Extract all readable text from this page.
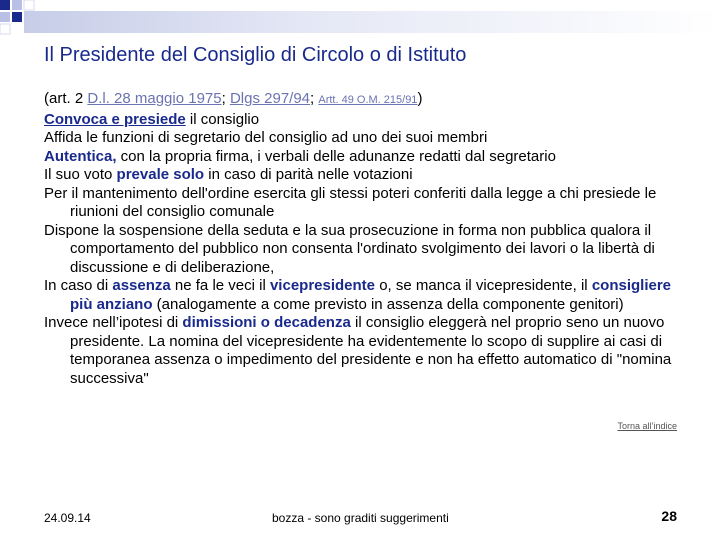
Il Presidente del Consiglio di Circolo o di Istituto

(art. 2 D.l. 28 maggio 1975; Dlgs 297/94; Artt. 49 O.M. 215/91)

Convoca e presiede il consiglio

Affida le funzioni di segretario del consiglio ad uno dei suoi membri

Autentica, con la propria firma, i verbali delle adunanze redatti dal segretario

Il suo voto prevale solo in caso di parità nelle votazioni

Per il mantenimento dell'ordine esercita gli stessi poteri conferiti dalla legge a chi presiede le riunioni del consiglio comunale

Dispone la sospensione della seduta e la sua prosecuzione in forma non pubblica qualora il comportamento del pubblico non consenta l'ordinato svolgimento dei lavori o la libertà di discussione e di deliberazione,

In caso di assenza ne fa le veci il vicepresidente o, se manca il vicepresidente, il consigliere più anziano (analogamente a come previsto in assenza della componente genitori)

Invece nell’ipotesi di dimissioni o decadenza il consiglio eleggerà nel proprio seno un nuovo presidente. La nomina del vicepresidente ha evidentemente lo scopo di supplire ai casi di temporanea assenza o impedimento del presidente e non ha effetto automatico di "nomina successiva"

Torna all’indice
24.09.14	bozza - sono graditi suggerimenti	28
